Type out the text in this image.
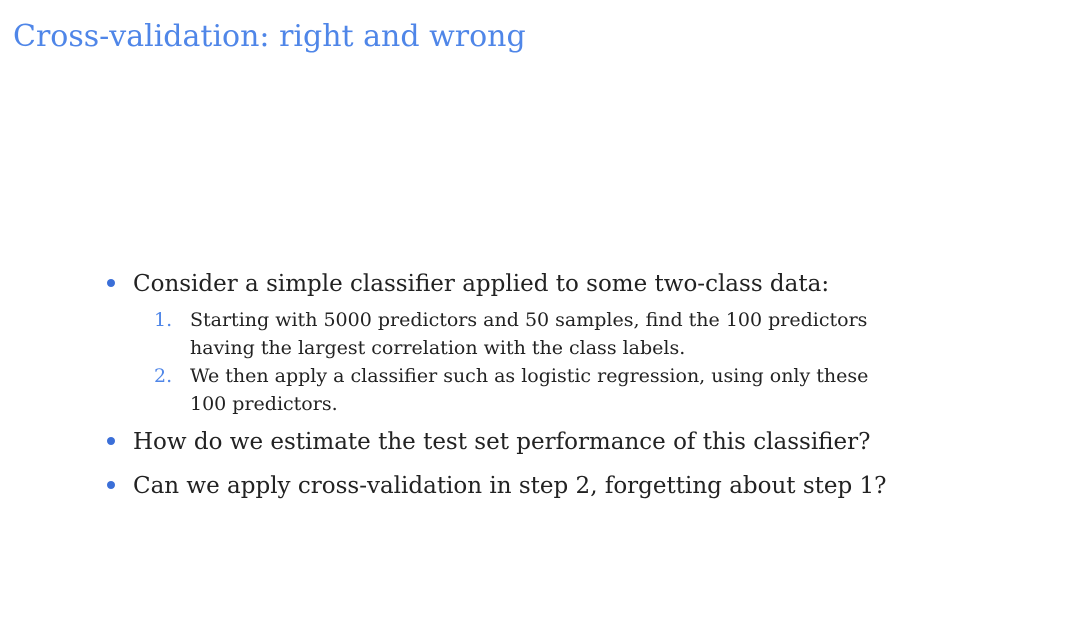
Cross-validation: right and wrong
Consider a simple classifier applied to some two-class data:
1. Starting with 5000 predictors and 50 samples, find the 100 predictors
having the largest correlation with the class labels.
2. We then apply a classifier such as logistic regression, using only these
100 predictors.
How do we estimate the test set performance of this classifier?
Can we apply cross-validation in step 2, forgetting about step 1?
